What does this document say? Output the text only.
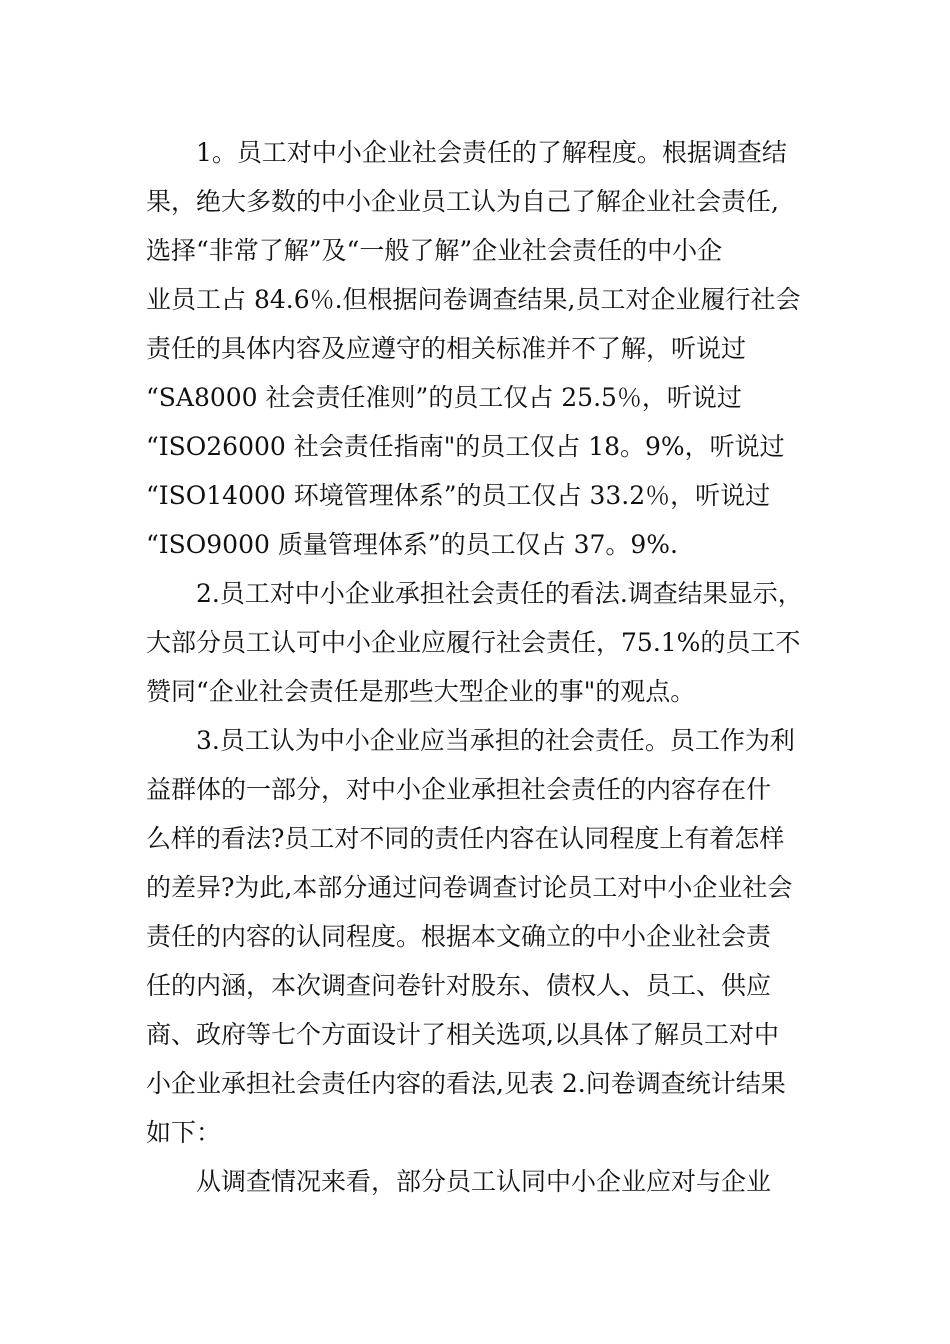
1。员工对中小企业社会责任的了解程度。根据调查结

果，绝大多数的中小企业员工认为自己了解企业社会责任,

选择“非常了解”及“一般了解”企业社会责任的中小企

业员工占 84.6％.但根据问卷调查结果,员工对企业履行社会

责任的具体内容及应遵守的相关标准并不了解，听说过

“SA8000 社会责任准则”的员工仅占 25.5％，听说过

“ISO26000 社会责任指南"的员工仅占 18。9%，听说过

“ISO14000 环境管理体系”的员工仅占 33.2％，听说过

“ISO9000 质量管理体系”的员工仅占 37。9%.

2.员工对中小企业承担社会责任的看法.调查结果显示，

大部分员工认可中小企业应履行社会责任，75.1%的员工不

赞同“企业社会责任是那些大型企业的事"的观点。

3.员工认为中小企业应当承担的社会责任。员工作为利

益群体的一部分，对中小企业承担社会责任的内容存在什

么样的看法?员工对不同的责任内容在认同程度上有着怎样

的差异?为此,本部分通过问卷调查讨论员工对中小企业社会

责任的内容的认同程度。根据本文确立的中小企业社会责

任的内涵，本次调查问卷针对股东、债权人、员工、供应

商、政府等七个方面设计了相关选项,以具体了解员工对中

小企业承担社会责任内容的看法,见表 2.问卷调查统计结果

如下：

从调查情况来看，部分员工认同中小企业应对与企业
